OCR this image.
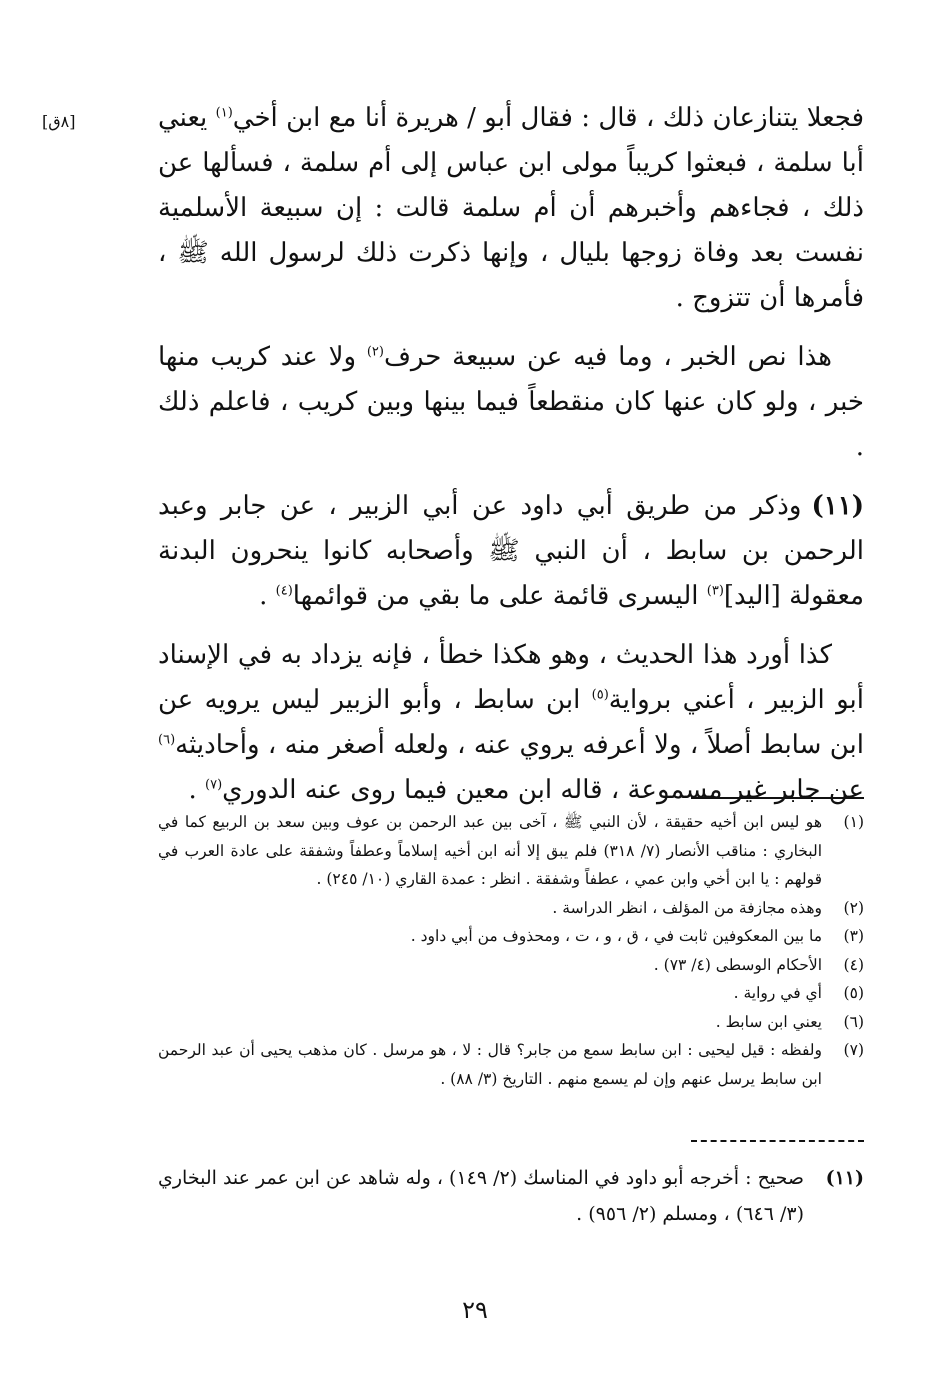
[٨ق]	فجعلا يتنازعان ذلك ، قال : فقال أبو / هريرة أنا مع ابن أخي$^{(١)}$ يعني أبا سلمة ، فبعثوا كريباً مولى ابن عباس إلى أم سلمة ، فسألها عن ذلك ، فجاءهم وأخبرهم أن أم سلمة قالت : إن سبيعة الأسلمية نفست بعد وفاة زوجها بليال ، وإنها ذكرت ذلك لرسول الله ﷺ ، فأمرها أن تتزوج .

هذا نص الخبر ، وما فيه عن سبيعة حرف$^{(٢)}$ ولا عند كريب منها خبر ، ولو كان عنها كان منقطعاً فيما بينها وبين كريب ، فاعلم ذلك .

(١١)وذكر من طريق أبي داود عن أبي الزبير ، عن جابر وعبد الرحمن بن سابط ، أن النبي ﷺ وأصحابه كانوا ينحرون البدنة معقولة [اليد]$^{(٣)}$ اليسرى قائمة على ما بقي من قوائمها$^{(٤)}$ .

كذا أورد هذا الحديث ، وهو هكذا خطأ ، فإنه يزداد به في الإسناد أبو الزبير ، أعني برواية$^{(٥)}$ ابن سابط ، وأبو الزبير ليس يرويه عن ابن سابط أصلاً ، ولا أعرفه يروي عنه ، ولعله أصغر منه ، وأحاديثه$^{(٦)}$ عن جابر غير مسموعة ، قاله ابن معين فيما روى عنه الدوري$^{(٧)}$ .

(١)
هو ليس ابن أخيه حقيقة ، لأن النبي ﷺ ، آخى بين عبد الرحمن بن عوف وبين سعد بن الربيع كما في البخاري : مناقب الأنصار (٧/ ٣١٨) فلم يبق إلا أنه ابن أخيه إسلاماً وعطفاً وشفقة على عادة العرب في قولهم : يا ابن أخي وابن عمي ، عطفاً وشفقة . انظر : عمدة القاري (١٠/ ٢٤٥) .
(٢)
وهذه مجازفة من المؤلف ، انظر الدراسة .
(٣)
ما بين المعكوفين ثابت في ، ق ، و ، ت ، ومحذوف من أبي داود .
(٤)
الأحكام الوسطى (٤/ ٧٣) .
(٥)
أي في رواية .
(٦)
يعني ابن سابط .
(٧)
ولفظه : قيل ليحيى : ابن سابط سمع من جابر؟ قال : لا ، هو مرسل . كان مذهب يحيى أن عبد الرحمن ابن سابط يرسل عنهم وإن لم يسمع منهم . التاريخ (٣/ ٨٨) .
(١١)
صحيح : أخرجه أبو داود في المناسك (٢/ ١٤٩) ، وله شاهد عن ابن عمر عند البخاري (٣/ ٦٤٦) ، ومسلم (٢/ ٩٥٦) .
٢٩
